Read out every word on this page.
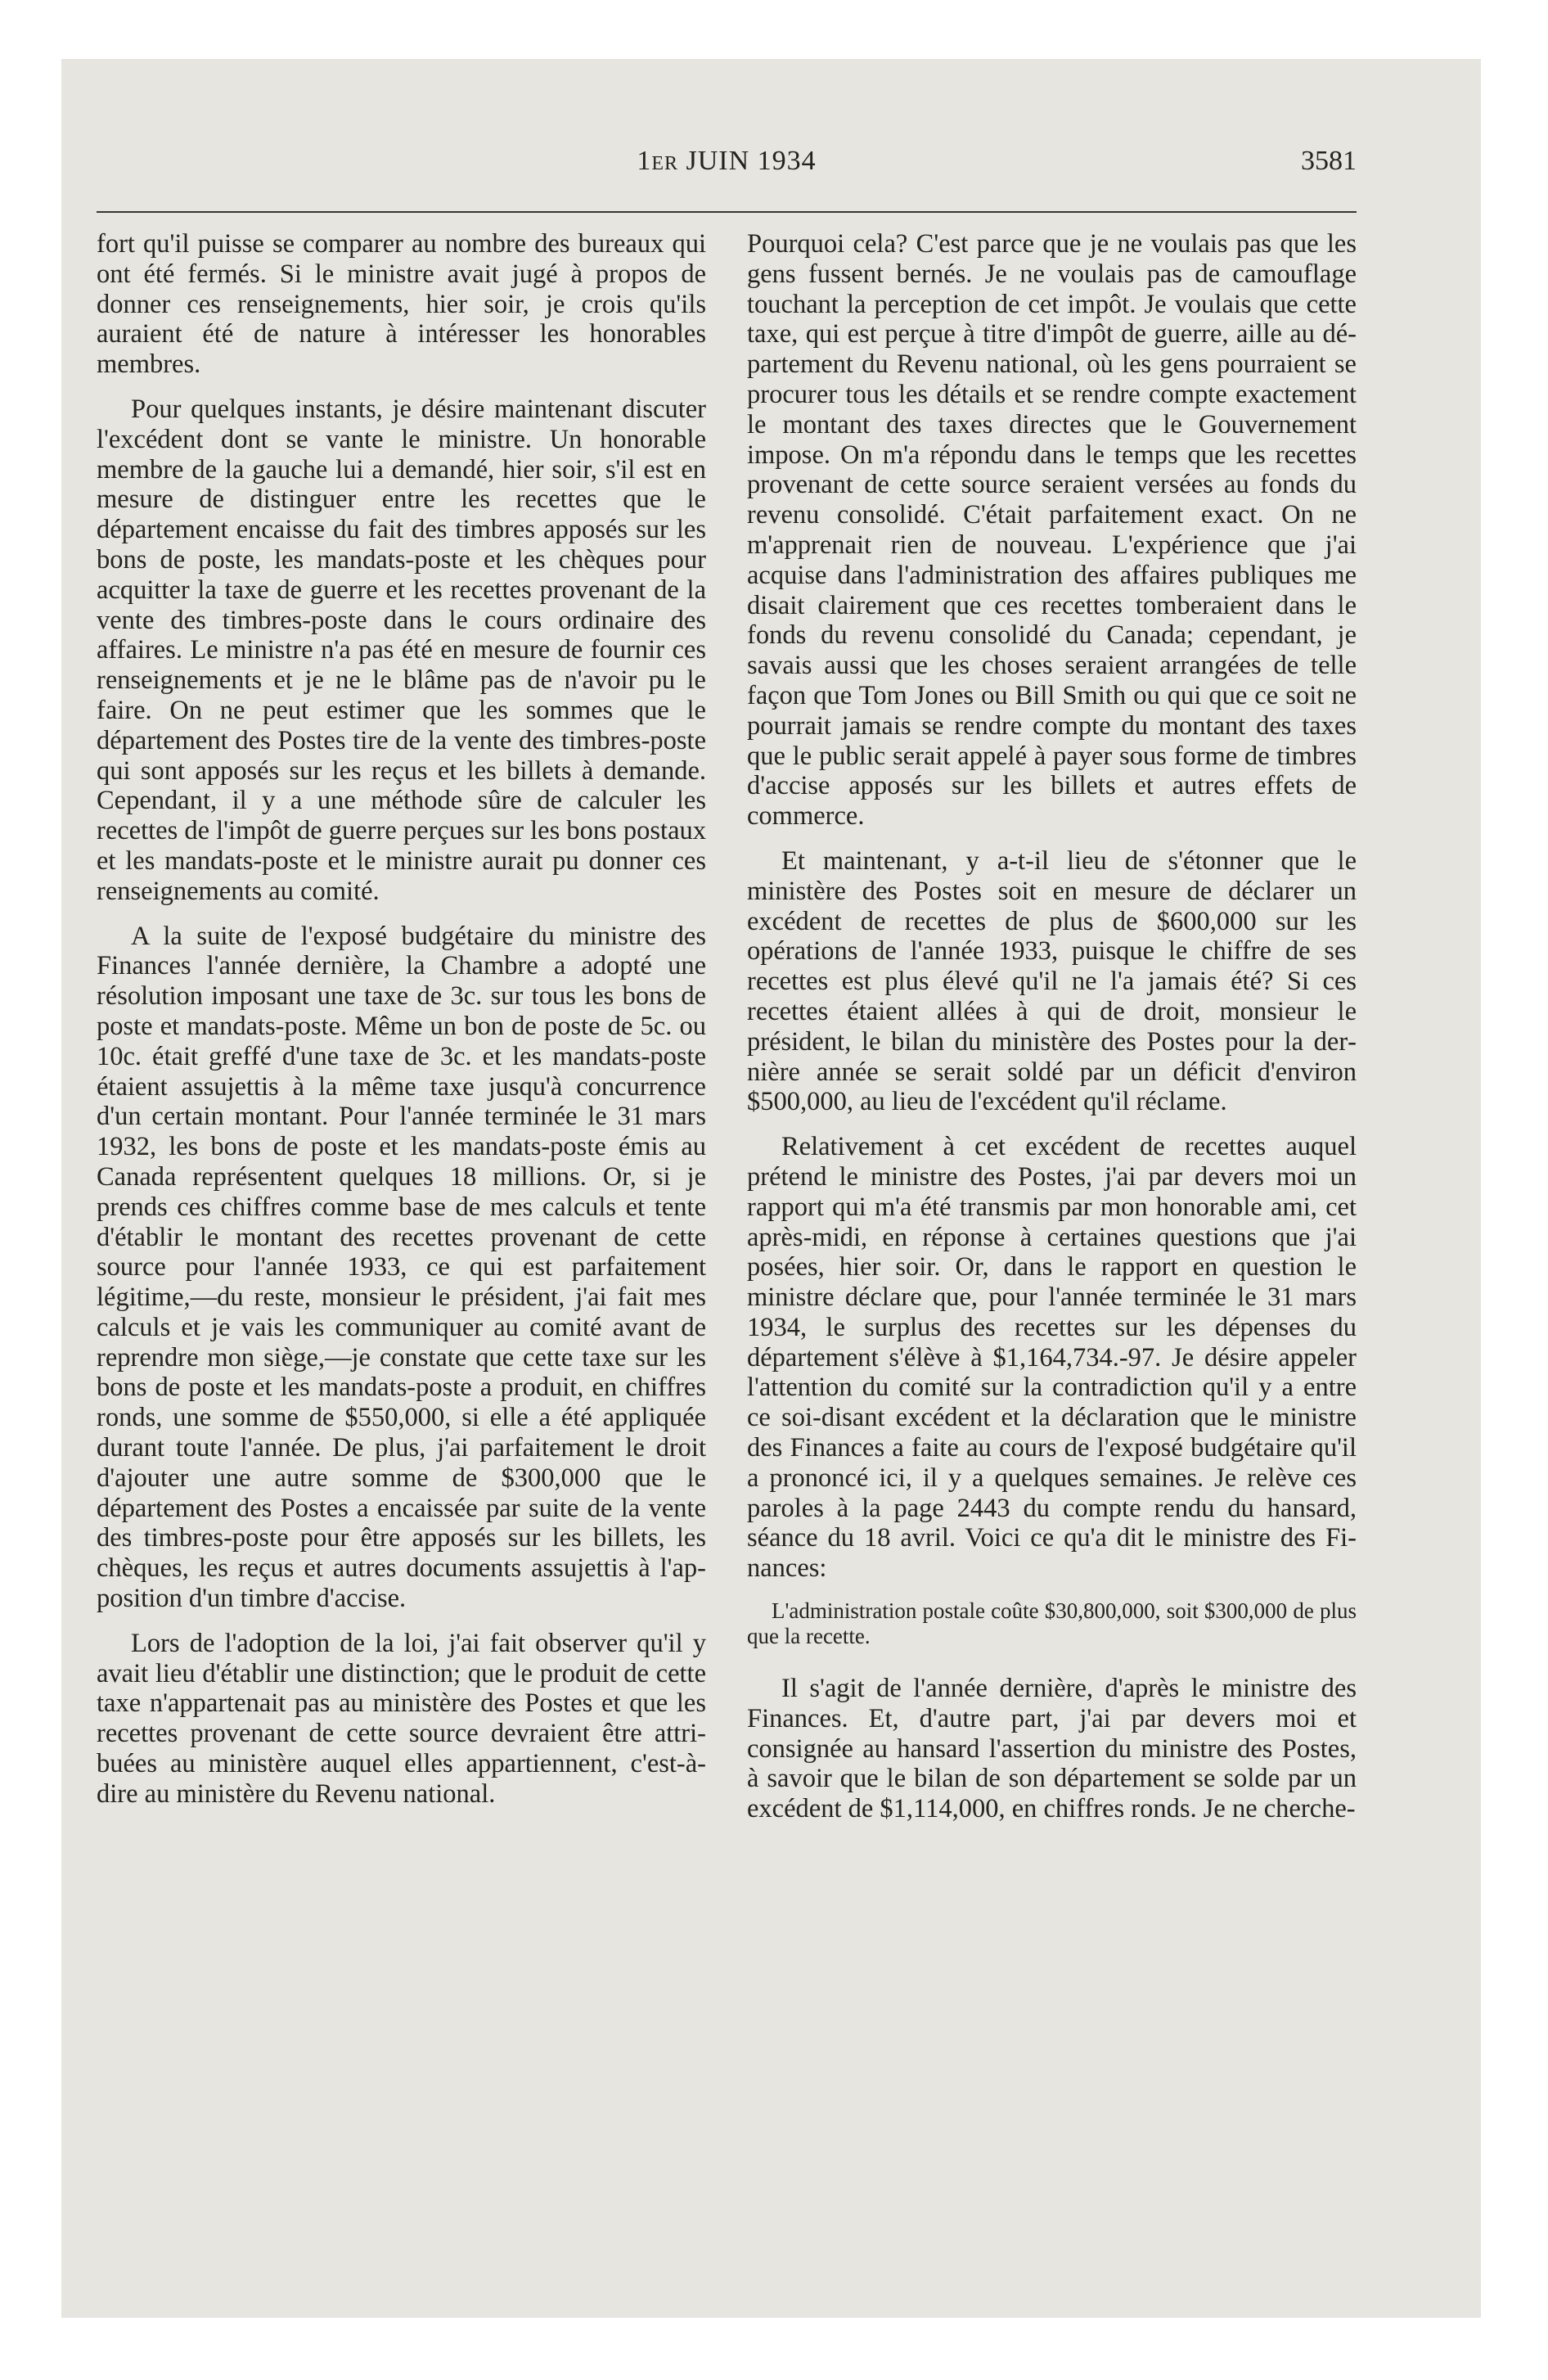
1er JUIN 1934	3581

fort qu'il puisse se comparer au nombre des bureaux qui ont été fermés. Si le ministre avait jugé à propos de donner ces renseignements, hier soir, je crois qu'ils auraient été de nature à intéresser les honorables membres.

Pour quelques instants, je désire maintenant discuter l'excédent dont se vante le ministre. Un honorable membre de la gauche lui a demandé, hier soir, s'il est en mesure de distinguer entre les recettes que le département encaisse du fait des timbres apposés sur les bons de poste, les mandats-poste et les chèques pour acquitter la taxe de guerre et les recettes provenant de la vente des timbres-poste dans le cours ordinaire des affaires. Le ministre n'a pas été en mesure de fournir ces renseignements et je ne le blâme pas de n'avoir pu le faire. On ne peut estimer que les sommes que le département des Postes tire de la vente des timbres-poste qui sont apposés sur les reçus et les billets à demande. Cependant, il y a une méthode sûre de calculer les recettes de l'impôt de guerre perçues sur les bons postaux et les mandats-poste et le ministre aurait pu donner ces renseignements au comité.

A la suite de l'exposé budgétaire du ministre des Finances l'année dernière, la Chambre a adopté une résolution imposant une taxe de 3c. sur tous les bons de poste et mandats-poste. Même un bon de poste de 5c. ou 10c. était greffé d'une taxe de 3c. et les mandats-poste étaient assujettis à la même taxe jusqu'à concurrence d'un certain montant. Pour l'année terminée le 31 mars 1932, les bons de poste et les mandats-poste émis au Canada représentent quelques 18 millions. Or, si je prends ces chiffres comme base de mes calculs et tente d'établir le montant des recettes provenant de cette source pour l'année 1933, ce qui est parfaitement légitime,—du reste, monsieur le président, j'ai fait mes calculs et je vais les communiquer au comité avant de reprendre mon siège,—je constate que cette taxe sur les bons de poste et les mandats-poste a produit, en chiffres ronds, une somme de $550,000, si elle a été appliquée durant toute l'année. De plus, j'ai parfaitement le droit d'ajouter une autre somme de $300,000 que le département des Postes a encaissée par suite de la vente des timbres-poste pour être apposés sur les billets, les chèques, les reçus et autres documents assujettis à l'apposition d'un timbre d'accise.

Lors de l'adoption de la loi, j'ai fait observer qu'il y avait lieu d'établir une distinction; que le produit de cette taxe n'appartenait pas au ministère des Postes et que les recettes provenant de cette source devraient être attribuées au ministère auquel elles appartiennent, c'est-à-dire au ministère du Revenu national.

Pourquoi cela? C'est parce que je ne voulais pas que les gens fussent bernés. Je ne voulais pas de camouflage touchant la perception de cet impôt. Je voulais que cette taxe, qui est perçue à titre d'impôt de guerre, aille au département du Revenu national, où les gens pourraient se procurer tous les détails et se rendre compte exactement le montant des taxes directes que le Gouvernement impose. On m'a répondu dans le temps que les recettes provenant de cette source seraient versées au fonds du revenu consolidé. C'était parfaitement exact. On ne m'apprenait rien de nouveau. L'expérience que j'ai acquise dans l'administration des affaires publiques me disait clairement que ces recettes tomberaient dans le fonds du revenu consolidé du Canada; cependant, je savais aussi que les choses seraient arrangées de telle façon que Tom Jones ou Bill Smith ou qui que ce soit ne pourrait jamais se rendre compte du montant des taxes que le public serait appelé à payer sous forme de timbres d'accise apposés sur les billets et autres effets de commerce.

Et maintenant, y a-t-il lieu de s'étonner que le ministère des Postes soit en mesure de déclarer un excédent de recettes de plus de $600,000 sur les opérations de l'année 1933, puisque le chiffre de ses recettes est plus élevé qu'il ne l'a jamais été? Si ces recettes étaient allées à qui de droit, monsieur le président, le bilan du ministère des Postes pour la dernière année se serait soldé par un déficit d'environ $500,000, au lieu de l'excédent qu'il réclame.

Relativement à cet excédent de recettes auquel prétend le ministre des Postes, j'ai par devers moi un rapport qui m'a été transmis par mon honorable ami, cet après-midi, en réponse à certaines questions que j'ai posées, hier soir. Or, dans le rapport en question le ministre déclare que, pour l'année terminée le 31 mars 1934, le surplus des recettes sur les dépenses du département s'élève à $1,164,734.-97. Je désire appeler l'attention du comité sur la contradiction qu'il y a entre ce soi-disant excédent et la déclaration que le ministre des Finances a faite au cours de l'exposé budgétaire qu'il a prononcé ici, il y a quelques semaines. Je relève ces paroles à la page 2443 du compte rendu du hansard, séance du 18 avril. Voici ce qu'a dit le ministre des Finances:

L'administration postale coûte $30,800,000, soit $300,000 de plus que la recette.

Il s'agit de l'année dernière, d'après le ministre des Finances. Et, d'autre part, j'ai par devers moi et consignée au hansard l'assertion du ministre des Postes, à savoir que le bilan de son département se solde par un excédent de $1,114,000, en chiffres ronds. Je ne cherche-
